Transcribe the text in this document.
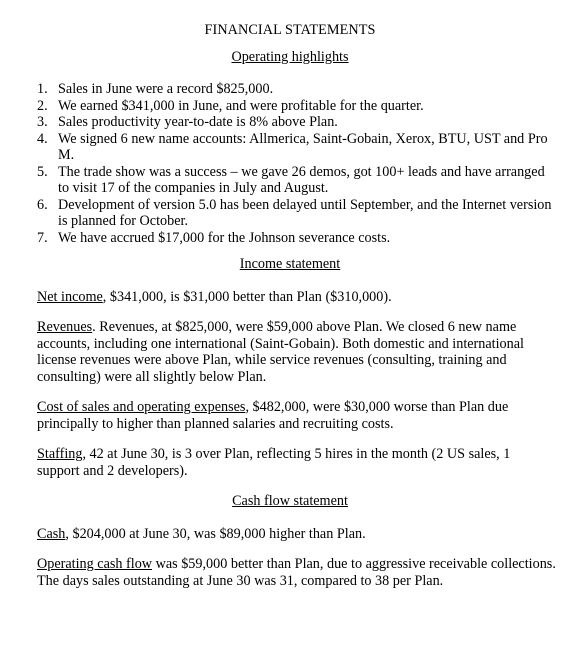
FINANCIAL STATEMENTS
Operating highlights
1. Sales in June were a record $825,000.
2. We earned $341,000 in June, and were profitable for the quarter.
3. Sales productivity year-to-date is 8% above Plan.
4. We signed 6 new name accounts: Allmerica, Saint-Gobain, Xerox, BTU, UST and Pro M.
5. The trade show was a success – we gave 26 demos, got 100+ leads and have arranged to visit 17 of the companies in July and August.
6. Development of version 5.0 has been delayed until September, and the Internet version is planned for October.
7. We have accrued $17,000 for the Johnson severance costs.
Income statement

Net income, $341,000, is $31,000 better than Plan ($310,000).

Revenues. Revenues, at $825,000, were $59,000 above Plan. We closed 6 new name accounts, including one international (Saint-Gobain). Both domestic and international license revenues were above Plan, while service revenues (consulting, training and consulting) were all slightly below Plan.

Cost of sales and operating expenses, $482,000, were $30,000 worse than Plan due principally to higher than planned salaries and recruiting costs.

Staffing, 42 at June 30, is 3 over Plan, reflecting 5 hires in the month (2 US sales, 1 support and 2 developers).

Cash flow statement

Cash, $204,000 at June 30, was $89,000 higher than Plan.

Operating cash flow was $59,000 better than Plan, due to aggressive receivable collections. The days sales outstanding at June 30 was 31, compared to 38 per Plan.
